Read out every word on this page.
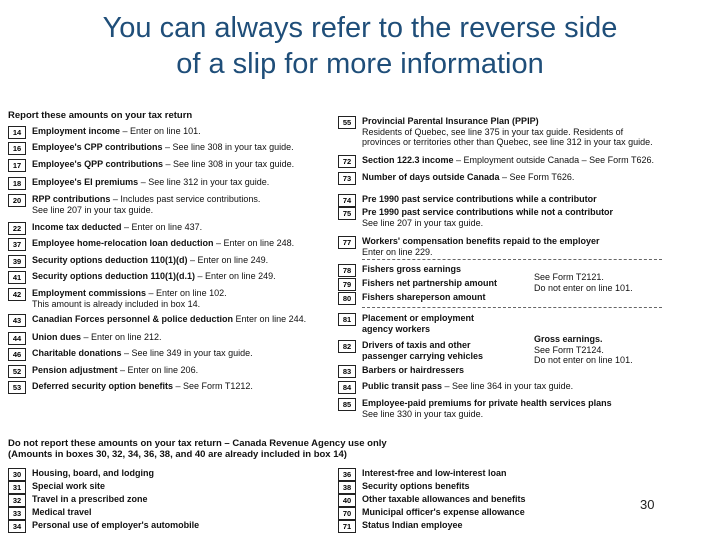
You can always refer to the reverse side
of a slip for more information
Report these amounts on your tax return
14	Employment income – Enter on line 101.
16	Employee's CPP contributions – See line 308 in your tax guide.
17	Employee's QPP contributions – See line 308 in your tax guide.
18	Employee's EI premiums – See line 312 in your tax guide.
20	RPP contributions – Includes past service contributions.
See line 207 in your tax guide.
22	Income tax deducted – Enter on line 437.
37	Employee home-relocation loan deduction – Enter on line 248.
39	Security options deduction 110(1)(d) – Enter on line 249.
41	Security options deduction 110(1)(d.1) – Enter on line 249.
42	Employment commissions – Enter on line 102.
This amount is already included in box 14.
43	Canadian Forces personnel & police deduction Enter on line 244.
44	Union dues – Enter on line 212.
46	Charitable donations – See line 349 in your tax guide.
52	Pension adjustment – Enter on line 206.
53	Deferred security option benefits – See Form T1212.
55	Provincial Parental Insurance Plan (PPIP)
Residents of Quebec, see line 375 in your tax guide. Residents of
provinces or territories other than Quebec, see line 312 in your tax guide.
72	Section 122.3 income – Employment outside Canada – See Form T626.
73	Number of days outside Canada – See Form T626.
74	Pre 1990 past service contributions while a contributor
75	Pre 1990 past service contributions while not a contributor
See line 207 in your tax guide.
77	Workers' compensation benefits repaid to the employer
Enter on line 229.
78	Fishers gross earnings
79	Fishers net partnership amount
80	Fishers shareperson amount
See Form T2121.
Do not enter on line 101.
81	Placement or employment
agency workers
82	Drivers of taxis and other
passenger carrying vehicles
Gross earnings.
See Form T2124.
Do not enter on line 101.
83	Barbers or hairdressers
84	Public transit pass – See line 364 in your tax guide.
85	Employee-paid premiums for private health services plans
See line 330 in your tax guide.
Do not report these amounts on your tax return – Canada Revenue Agency use only
(Amounts in boxes 30, 32, 34, 36, 38, and 40 are already included in box 14)
30	Housing, board, and lodging
31	Special work site
32	Travel in a prescribed zone
33	Medical travel
34	Personal use of employer's automobile
36	Interest-free and low-interest loan
38	Security options benefits
40	Other taxable allowances and benefits
70	Municipal officer's expense allowance
71	Status Indian employee
30
